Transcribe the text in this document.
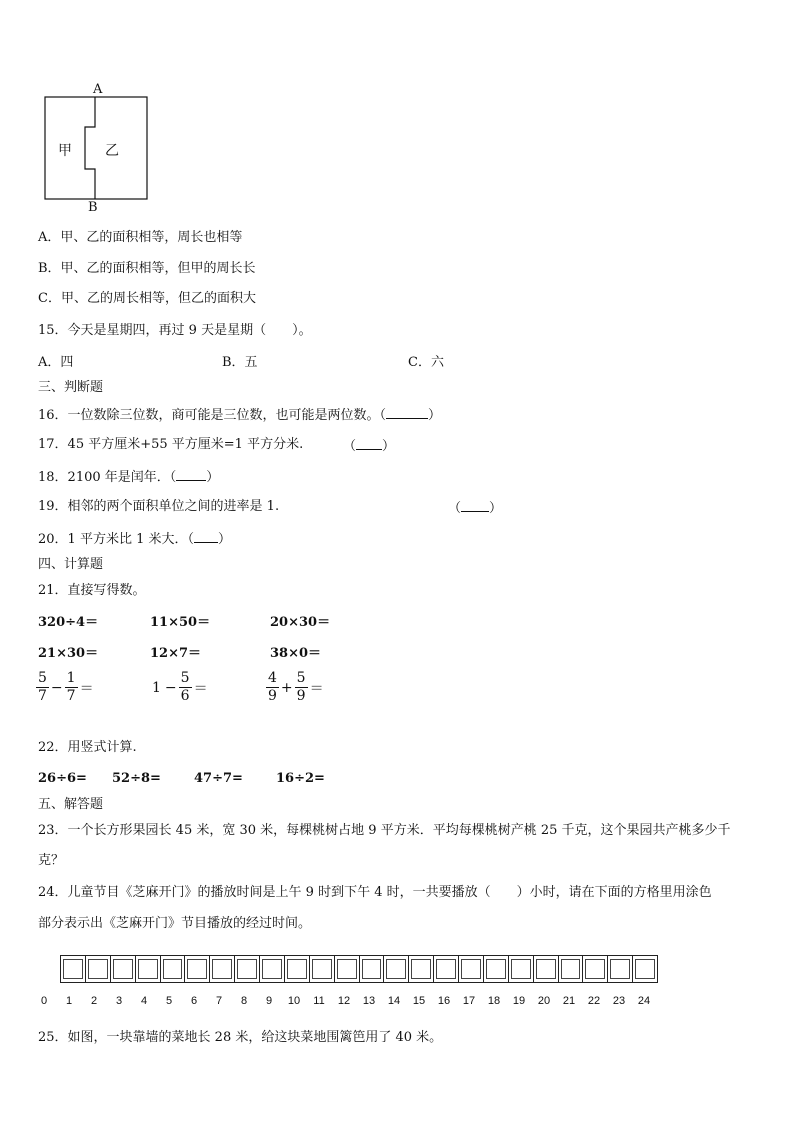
A
B
甲 乙
A．甲、乙的面积相等，周长也相等
B．甲、乙的面积相等，但甲的周长长
C．甲、乙的周长相等，但乙的面积大
15．今天是星期四，再过 9 天是星期（　　）。
A．四	B．五	C．六
三、判断题
16．一位数除三位数，商可能是三位数，也可能是两位数。（	）
17．45 平方厘米+55 平方厘米=1 平方分米.	（ ）
18．2100 年是闰年．（ ）
19．相邻的两个面积单位之间的进率是 1.	（ ）
20．1 平方米比 1 米大．（ ）
四、计算题
21．直接写得数。
320÷4＝	11×50＝	20×30＝
21×30＝	12×7＝	38×0＝
$\frac{5}{7} - \frac{1}{7}$ ＝	$1 - \frac{5}{6}$ ＝	$\frac{4}{9} + \frac{5}{9}$ ＝
22．用竖式计算.
26÷6= 52÷8=	47÷7=	16÷2=
五、解答题
23．一个长方形果园长 45 米，宽 30 米，每棵桃树占地 9 平方米．平均每棵桃树产桃 25 千克，这个果园共产桃多少千
克？
24．儿童节目《芝麻开门》的播放时间是上午 9 时到下午 4 时，一共要播放（　　）小时，请在下面的方格里用涂色
部分表示出《芝麻开门》节目播放的经过时间。
0 1 2 3 4 5 6 7 8 9 10 11 12 13 14 15 16 17 18 19 20 21 22 23 24
25．如图，一块靠墙的菜地长 28 米，给这块菜地围篱笆用了 40 米。
